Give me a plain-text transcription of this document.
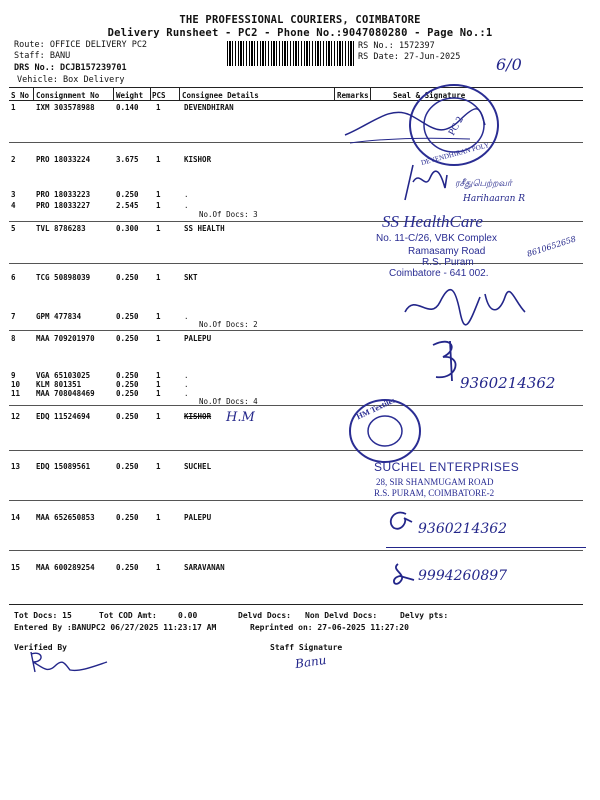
THE PROFESSIONAL COURIERS, COIMBATORE
Delivery Runsheet - PC2 - Phone No.:9047080280 - Page No.:1
Route: OFFICE DELIVERY PC2
Staff: BANU
DRS No.: DCJB157239701
Vehicle: Box Delivery
RS No.: 1572397
RS Date: 27-Jun-2025 6/0
S No Consignment No Weight PCS Consignee Details	Remarks	Seal & Signature
1	IXM 303578988	0.140 1	DEVENDHIRAN
2	PRO 18033224	3.675 1	KISHOR
3	PRO 18033223	0.250 1	.
4	PRO 18033227	2.545 1	.
5	TVL 8786283	0.300 1	SS HEALTH
6	TCG 50898039	0.250 1	SKT
7	GPM 477834	0.250 1	.
8	MAA 709201970	0.250 1	PALEPU
9	VGA 65103025	0.250 1	.
10 KLM 801351	0.250 1	.
11 MAA 708048469	0.250 1	.
12 EDQ 11524694	0.250 1	KISHOR
13 EDQ 15089561	0.250 1	SUCHEL
14 MAA 652650853	0.250 1	PALEPU
15 MAA 600289254	0.250 1	SARAVANAN
No.Of Docs: 3
No.Of Docs: 2
No.Of Docs: 4
PC 2
DEVENDHIRAN POLY
ரசீதுபெற்றவர்
Harihaaran R
SS HealthCare
No. 11-C/26, VBK Complex
Ramasamy Road
R.S. Puram
Coimbatore - 641 002.
8610652658
9360214362
H.M	HM Textiles
SUCHEL ENTERPRISES
28, SIR SHANMUGAM ROAD
R.S. PURAM, COIMBATORE-2
9360214362
9994260897
Tot Docs: 15	Tot COD Amt:	0.00	Delvd Docs: Non Delvd Docs:	Delvy pts:
Entered By :BANUPC2 06/27/2025 11:23:17 AM	Reprinted on: 27-06-2025 11:27:20
Verified By	Staff Signature
Banu
